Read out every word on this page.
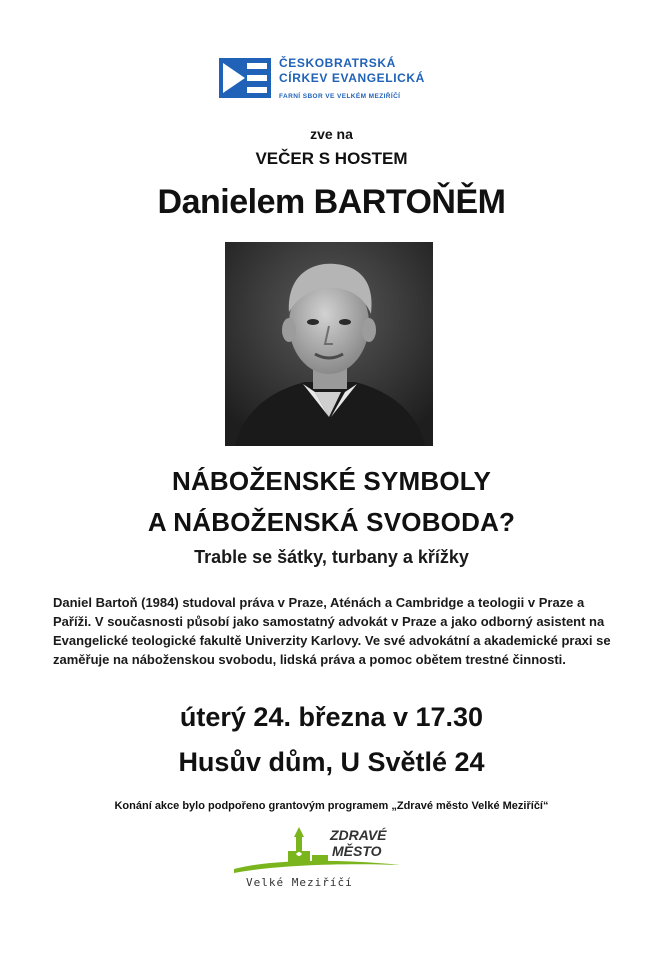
ČESKOBRATRSKÁ
CÍRKEV EVANGELICKÁ
FARNÍ SBOR VE VELKÉM MEZIŘÍČÍ
zve na
VEČER S HOSTEM
Danielem BARTOŇĚM
NÁBOŽENSKÉ SYMBOLY
A NÁBOŽENSKÁ SVOBODA?
Trable se šátky, turbany a křížky
Daniel Bartoň (1984) studoval práva v Praze, Aténách a Cambridge a teologii v Praze a Paříži. V současnosti působí jako samostatný advokát v Praze a jako odborný asistent na Evangelické teologické fakultě Univerzity Karlovy. Ve své advokátní a akademické praxi se zaměřuje na náboženskou svobodu, lidská práva a pomoc obětem trestné činnosti.
úterý 24. března v 17.30
Husův dům, U Světlé 24
Konání akce bylo podpořeno grantovým programem „Zdravé město Velké Meziříčí“
ZDRAVÉ
MĚSTO
Velké Meziříčí
